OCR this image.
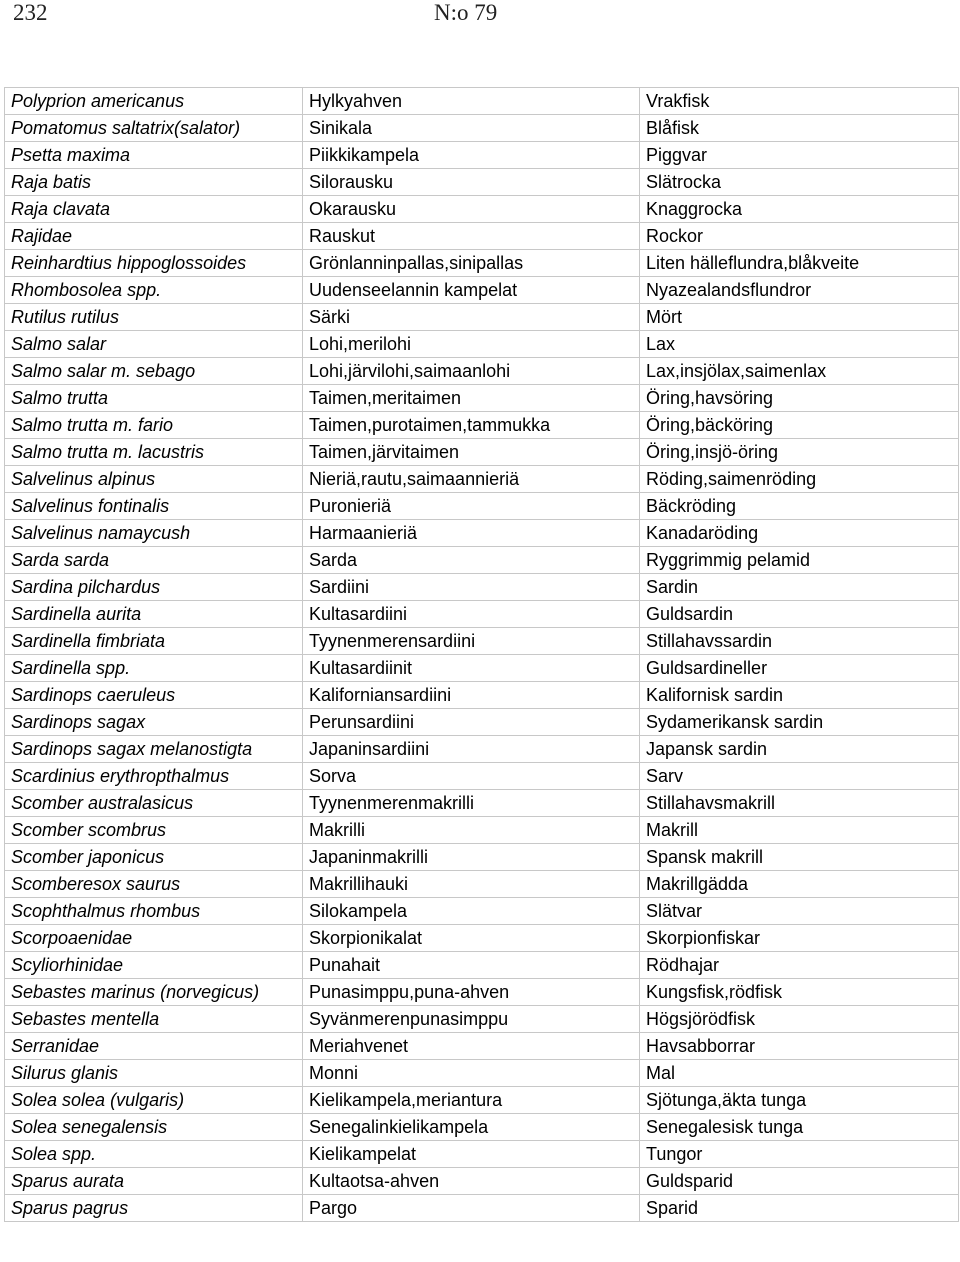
232	N:o 79
Polyprion americanus	Hylkyahven	Vrakfisk
Pomatomus saltatrix(salator)	Sinikala	Blåfisk
Psetta maxima	Piikkikampela	Piggvar
Raja batis	Silorausku	Slätrocka
Raja clavata	Okarausku	Knaggrocka
Rajidae	Rauskut	Rockor
Reinhardtius hippoglossoides	Grönlanninpallas,sinipallas	Liten hälleflundra,blåkveite
Rhombosolea spp.	Uudenseelannin kampelat	Nyazealandsflundror
Rutilus rutilus	Särki	Mört
Salmo salar	Lohi,merilohi	Lax
Salmo salar m. sebago	Lohi,järvilohi,saimaanlohi	Lax,insjölax,saimenlax
Salmo trutta	Taimen,meritaimen	Öring,havsöring
Salmo trutta m. fario	Taimen,purotaimen,tammukka	Öring,bäcköring
Salmo trutta m. lacustris	Taimen,järvitaimen	Öring,insjö-öring
Salvelinus alpinus	Nieriä,rautu,saimaannieriä	Röding,saimenröding
Salvelinus fontinalis	Puronieriä	Bäckröding
Salvelinus namaycush	Harmaanieriä	Kanadaröding
Sarda sarda	Sarda	Ryggrimmig pelamid
Sardina pilchardus	Sardiini	Sardin
Sardinella aurita	Kultasardiini	Guldsardin
Sardinella fimbriata	Tyynenmerensardiini	Stillahavssardin
Sardinella spp.	Kultasardiinit	Guldsardineller
Sardinops caeruleus	Kaliforniansardiini	Kalifornisk sardin
Sardinops sagax	Perunsardiini	Sydamerikansk sardin
Sardinops sagax melanostigta	Japaninsardiini	Japansk sardin
Scardinius erythropthalmus	Sorva	Sarv
Scomber australasicus	Tyynenmerenmakrilli	Stillahavsmakrill
Scomber scombrus	Makrilli	Makrill
Scomber japonicus	Japaninmakrilli	Spansk makrill
Scomberesox saurus	Makrillihauki	Makrillgädda
Scophthalmus rhombus	Silokampela	Slätvar
Scorpoaenidae	Skorpionikalat	Skorpionfiskar
Scyliorhinidae	Punahait	Rödhajar
Sebastes marinus (norvegicus)	Punasimppu,puna-ahven	Kungsfisk,rödfisk
Sebastes mentella	Syvänmerenpunasimppu	Högsjörödfisk
Serranidae	Meriahvenet	Havsabborrar
Silurus glanis	Monni	Mal
Solea solea (vulgaris)	Kielikampela,meriantura	Sjötunga,äkta tunga
Solea senegalensis	Senegalinkielikampela	Senegalesisk tunga
Solea spp.	Kielikampelat	Tungor
Sparus aurata	Kultaotsa-ahven	Guldsparid
Sparus pagrus	Pargo	Sparid
